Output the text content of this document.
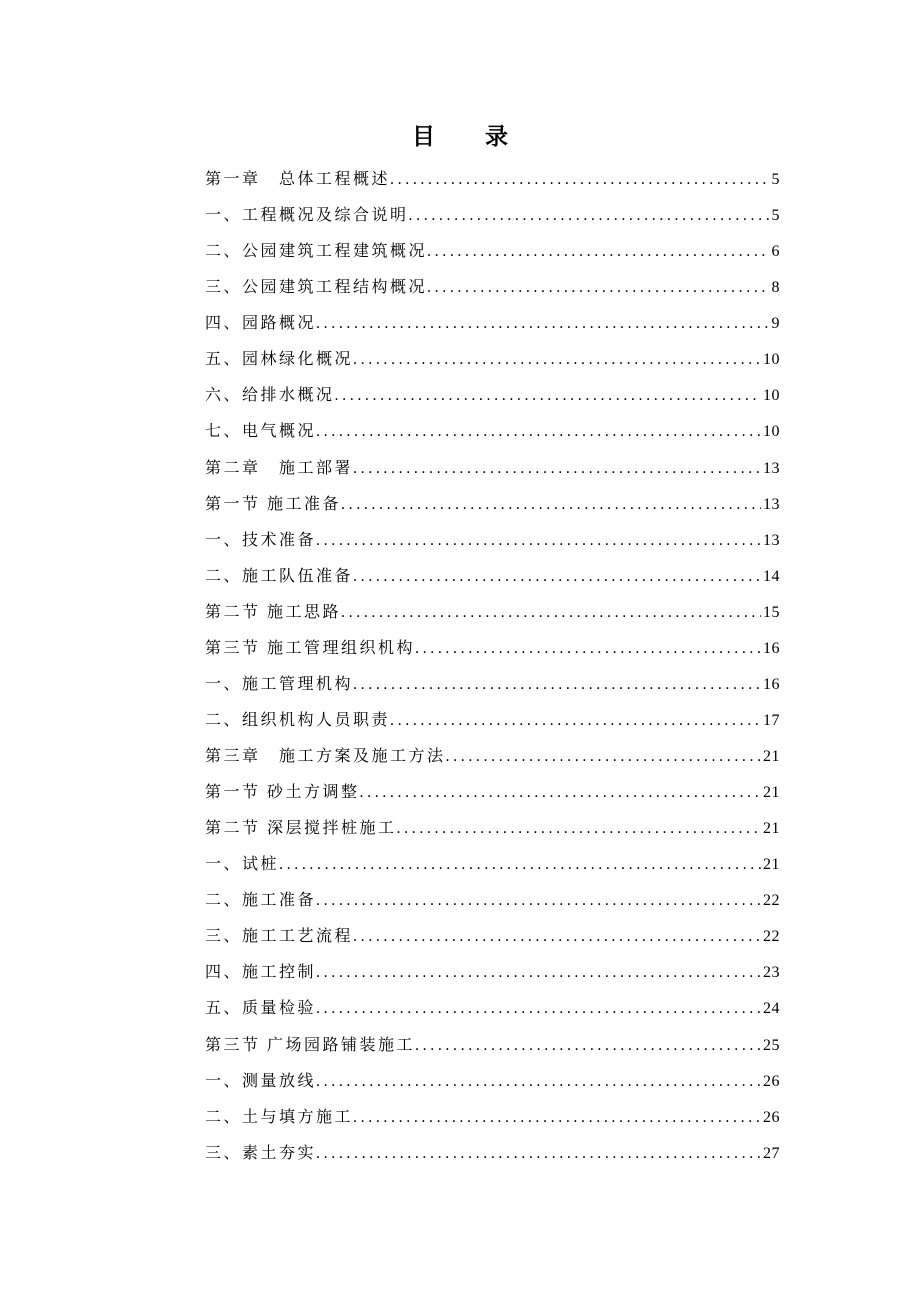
目 录
第一章　总体工程概述 .....	5
一、工程概况及综合说明 .....	5
二、公园建筑工程建筑概况 .....	6
三、公园建筑工程结构概况 .....	8
四、园路概况 .....	9
五、园林绿化概况 .....	10
六、给排水概况 .....	10
七、电气概况 .....	10
第二章　施工部署 .....	13
第一节 施工准备 .....	13
一、技术准备 .....	13
二、施工队伍准备 .....	14
第二节 施工思路 .....	15
第三节 施工管理组织机构 .....	16
一、施工管理机构 .....	16
二、组织机构人员职责 .....	17
第三章　施工方案及施工方法 .....	21
第一节 砂土方调整 .....	21
第二节 深层搅拌桩施工 .....	21
一、试桩 .....	21
二、施工准备 .....	22
三、施工工艺流程 .....	22
四、施工控制 .....	23
五、质量检验 .....	24
第三节 广场园路铺装施工 .....	25
一、测量放线 .....	26
二、土与填方施工 .....	26
三、素土夯实 .....	27
